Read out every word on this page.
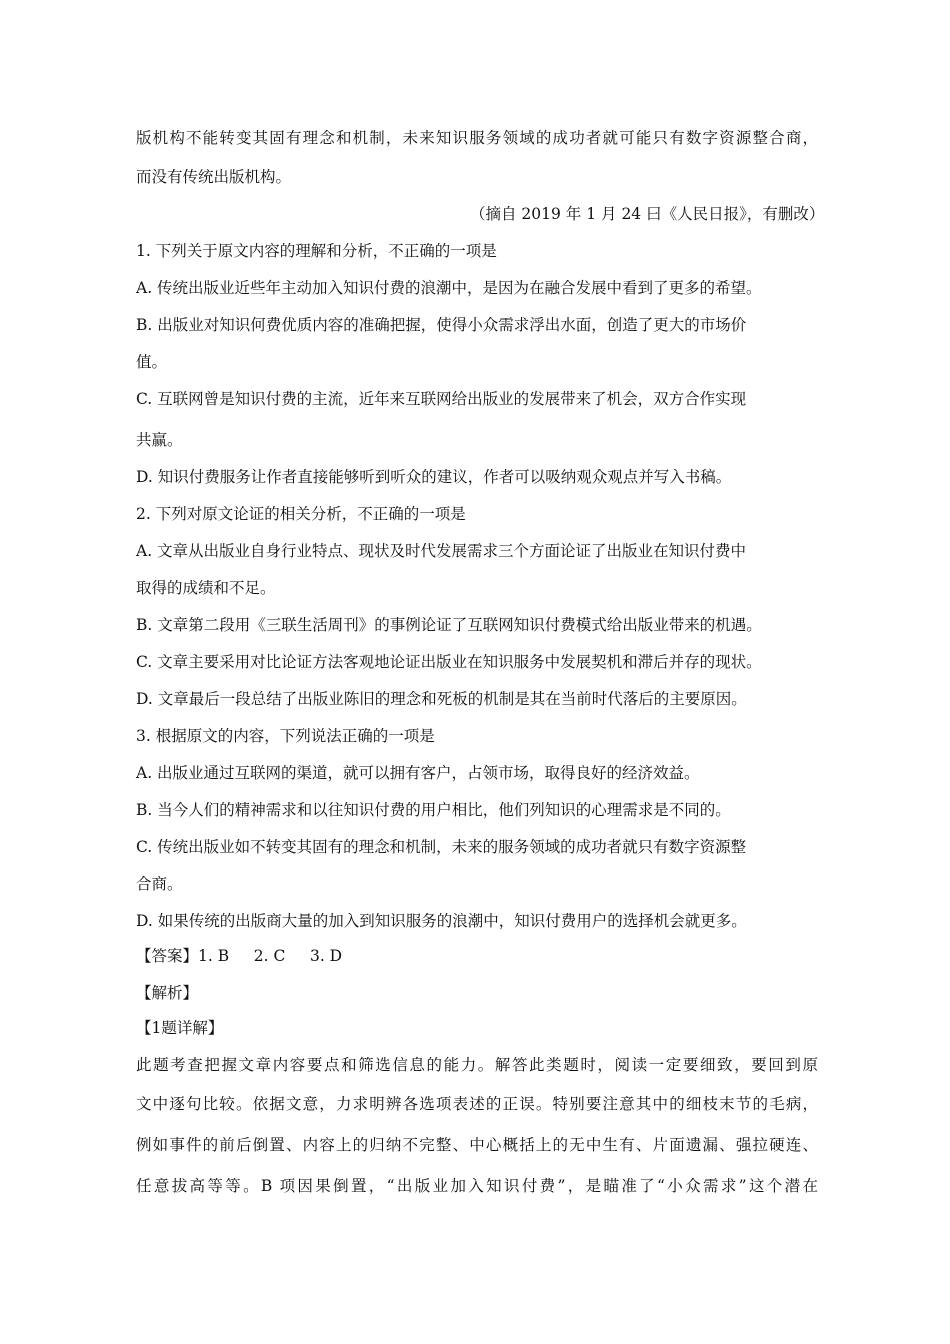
版机构不能转变其固有理念和机制，未来知识服务领域的成功者就可能只有数字资源整合商，
而没有传统出版机构。
（摘自 2019 年 1 月 24 曰《人民日报》，有删改）
1. 下列关于原文内容的理解和分析，不正确的一项是
A. 传统出版业近些年主动加入知识付费的浪潮中，是因为在融合发展中看到了更多的希望。
B. 出版业对知识何费优质内容的准确把握，使得小众需求浮出水面，创造了更大的市场价
值。
C. 互联网曾是知识付费的主流，近年来互联网给出版业的发展带来了机会，双方合作实现
共赢。
D. 知识付费服务让作者直接能够听到听众的建议，作者可以吸纳观众观点并写入书稿。
2. 下列对原文论证的相关分析，不正确的一项是
A. 文章从出版业自身行业特点、现状及时代发展需求三个方面论证了出版业在知识付费中
取得的成绩和不足。
B. 文章第二段用《三联生活周刊》的事例论证了互联网知识付费模式给出版业带来的机遇。
C. 文章主要采用对比论证方法客观地论证出版业在知识服务中发展契机和滞后并存的现状。
D. 文章最后一段总结了出版业陈旧的理念和死板的机制是其在当前时代落后的主要原因。
3. 根据原文的内容，下列说法正确的一项是
A. 出版业通过互联网的渠道，就可以拥有客户，占领市场，取得良好的经济效益。
B. 当今人们的精神需求和以往知识付费的用户相比，他们列知识的心理需求是不同的。
C. 传统出版业如不转变其固有的理念和机制，未来的服务领域的成功者就只有数字资源整
合商。
D. 如果传统的出版商大量的加入到知识服务的浪潮中，知识付费用户的选择机会就更多。
【答案】1. B     2. C     3. D
【解析】
【1题详解】
此题考查把握文章内容要点和筛选信息的能力。解答此类题时，阅读一定要细致，要回到原
文中逐句比较。依据文意，力求明辨各选项表述的正误。特别要注意其中的细枝末节的毛病，
例如事件的前后倒置、内容上的归纳不完整、中心概括上的无中生有、片面遗漏、强拉硬连、
任意拔高等等。B 项因果倒置，“出版业加入知识付费”，是瞄准了“小众需求”这个潜在
